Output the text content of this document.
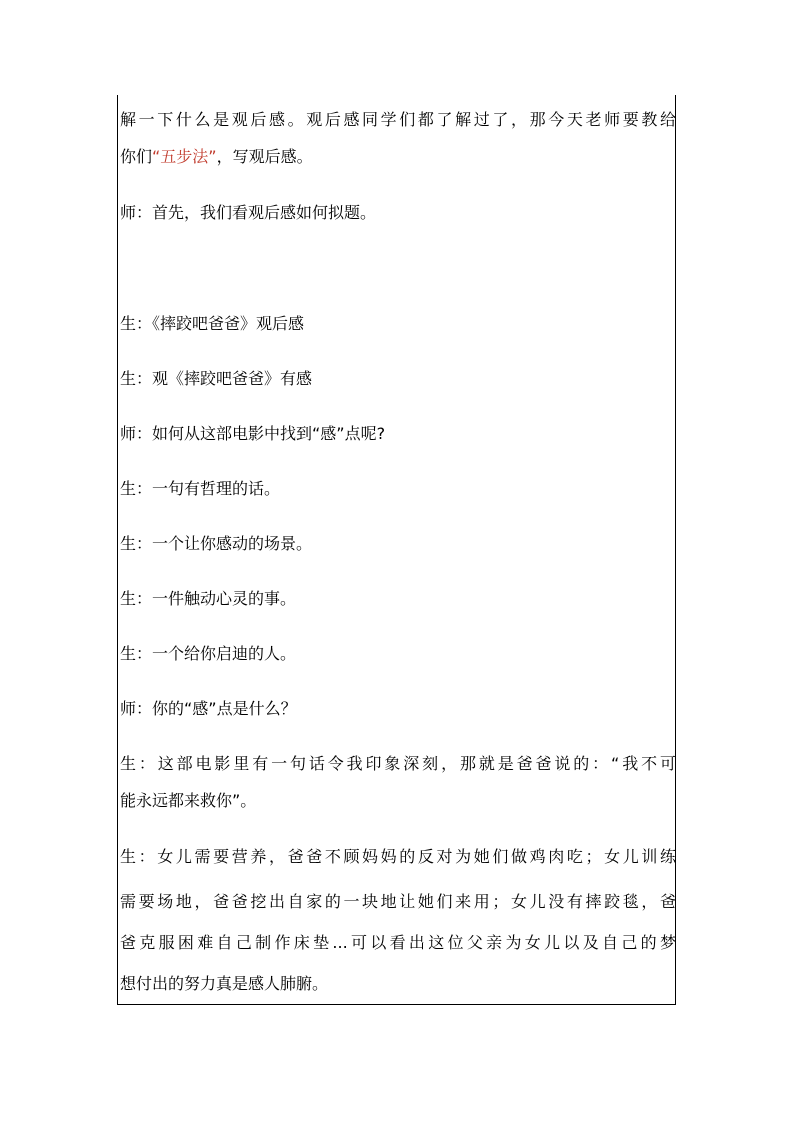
解一下什么是观后感。观后感同学们都了解过了，那今天老师要教给
你们“五步法”，写观后感。
师：首先，我们看观后感如何拟题。
生：《摔跤吧爸爸》观后感
生：观《摔跤吧爸爸》有感
师：如何从这部电影中找到“感”点呢?
生：一句有哲理的话。
生：一个让你感动的场景。
生：一件触动心灵的事。
生：一个给你启迪的人。
师：你的“感”点是什么？
生：这部电影里有一句话令我印象深刻，那就是爸爸说的：“我不可
能永远都来救你”。
生：女儿需要营养，爸爸不顾妈妈的反对为她们做鸡肉吃；女儿训练
需要场地，爸爸挖出自家的一块地让她们来用；女儿没有摔跤毯，爸
爸克服困难自己制作床垫...可以看出这位父亲为女儿以及自己的梦
想付出的努力真是感人肺腑。
